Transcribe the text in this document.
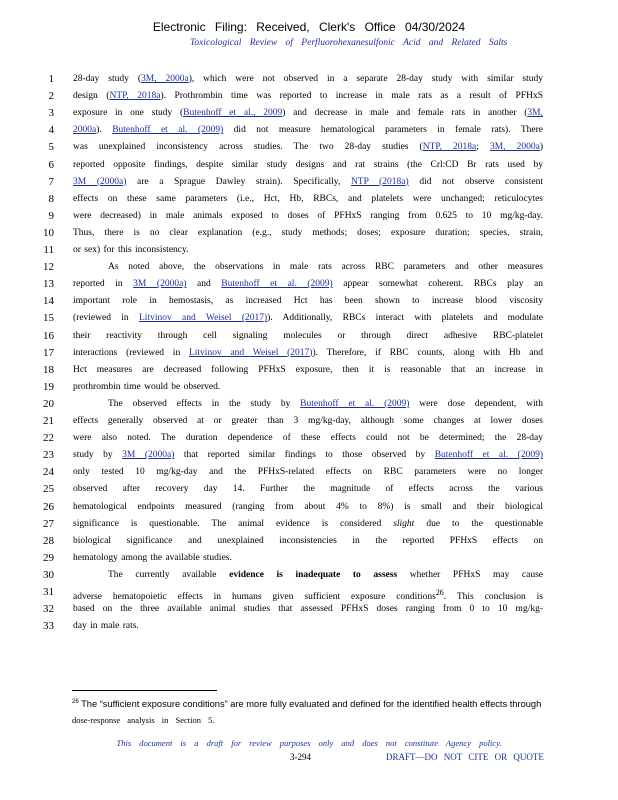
Electronic Filing: Received, Clerk's Office 04/30/2024
Toxicological Review of Perfluorohexanesulfonic Acid and Related Salts
1 28-day study (3M, 2000a), which were not observed in a separate 28-day study with similar study
2 design (NTP, 2018a). Prothrombin time was reported to increase in male rats as a result of PFHxS
3 exposure in one study (Butenhoff et al., 2009) and decrease in male and female rats in another (3M,
4 2000a). Butenhoff et al. (2009) did not measure hematological parameters in female rats). There
5 was unexplained inconsistency across studies. The two 28-day studies (NTP, 2018a; 3M, 2000a)
6 reported opposite findings, despite similar study designs and rat strains (the Crl:CD Br rats used by
7 3M (2000a) are a Sprague Dawley strain). Specifically, NTP (2018a) did not observe consistent
8 effects on these same parameters (i.e., Hct, Hb, RBCs, and platelets were unchanged; reticulocytes
9 were decreased) in male animals exposed to doses of PFHxS ranging from 0.625 to 10 mg/kg-day.
10 Thus, there is no clear explanation (e.g., study methods; doses; exposure duration; species, strain,
11 or sex) for this inconsistency.
12	As noted above, the observations in male rats across RBC parameters and other measures
13 reported in 3M (2000a) and Butenhoff et al. (2009) appear somewhat coherent. RBCs play an
14 important role in hemostasis, as increased Hct has been shown to increase blood viscosity
15 (reviewed in Litvinov and Weisel (2017)). Additionally, RBCs interact with platelets and modulate
16 their reactivity through cell signaling molecules or through direct adhesive RBC-platelet
17 interactions (reviewed in Litvinov and Weisel (2017)). Therefore, if RBC counts, along with Hb and
18 Hct measures are decreased following PFHxS exposure, then it is reasonable that an increase in
19 prothrombin time would be observed.
20	The observed effects in the study by Butenhoff et al. (2009) were dose dependent, with
21 effects generally observed at or greater than 3 mg/kg-day, although some changes at lower doses
22 were also noted. The duration dependence of these effects could not be determined; the 28-day
23 study by 3M (2000a) that reported similar findings to those observed by Butenhoff et al. (2009)
24 only tested 10 mg/kg-day and the PFHxS-related effects on RBC parameters were no longer
25 observed after recovery day 14. Further the magnitude of effects across the various
26 hematological endpoints measured (ranging from about 4% to 8%) is small and their biological
27 significance is questionable. The animal evidence is considered slight due to the questionable
28 biological significance and unexplained inconsistencies in the reported PFHxS effects on
29 hematology among the available studies.
30	The currently available evidence is inadequate to assess whether PFHxS may cause
31 adverse hematopoietic effects in humans given sufficient exposure conditions$^{26}$. This conclusion is
32 based on the three available animal studies that assessed PFHxS doses ranging from 0 to 10 mg/kg-
33 day in male rats.
$^{26}$ The “sufficient exposure conditions” are more fully evaluated and defined for the identified health effects through
dose-response analysis in Section 5.
This document is a draft for review purposes only and does not constitute Agency policy.
3-294	DRAFT—DO NOT CITE OR QUOTE
